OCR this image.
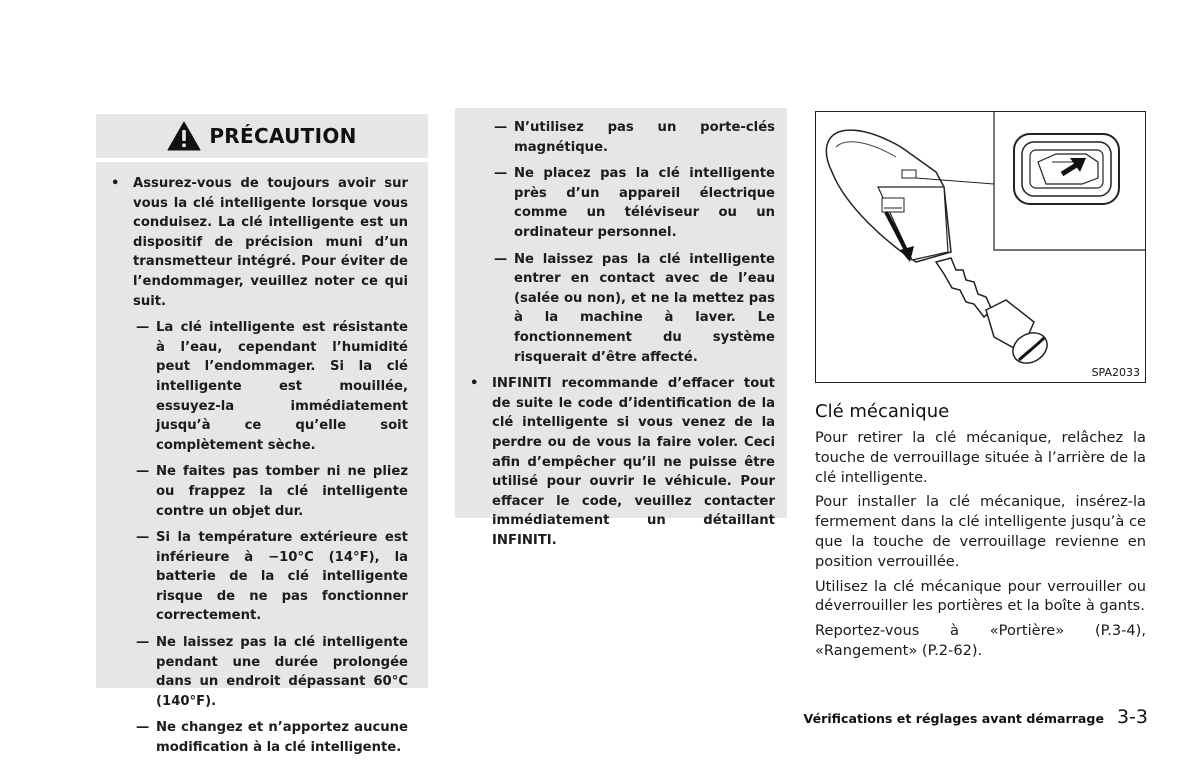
PRÉCAUTION

• Assurez-vous de toujours avoir sur vous la clé intelligente lorsque vous conduisez. La clé intelligente est un dispositif de précision muni d’un transmetteur intégré. Pour éviter de l’endommager, veuillez noter ce qui suit.

— La clé intelligente est résistante à l’eau, cependant l’humidité peut l’endommager. Si la clé intelligente est mouillée, essuyez-la immédiatement jusqu’à ce qu’elle soit complètement sèche.

— Ne faites pas tomber ni ne pliez ou frappez la clé intelligente contre un objet dur.

— Si la température extérieure est inférieure à −10°C (14°F), la batterie de la clé intelligente risque de ne pas fonctionner correctement.

— Ne laissez pas la clé intelligente pendant une durée prolongée dans un endroit dépassant 60°C (140°F).

— Ne changez et n’apportez aucune modification à la clé intelligente.

— N’utilisez pas un porte-clés magnétique.

— Ne placez pas la clé intelligente près d’un appareil électrique comme un téléviseur ou un ordinateur personnel.

— Ne laissez pas la clé intelligente entrer en contact avec de l’eau (salée ou non), et ne la mettez pas à la machine à laver. Le fonctionnement du système risquerait d’être affecté.

• INFINITI recommande d’effacer tout de suite le code d’identification de la clé intelligente si vous venez de la perdre ou de vous la faire voler. Ceci afin d’empêcher qu’il ne puisse être utilisé pour ouvrir le véhicule. Pour effacer le code, veuillez contacter immédiatement un détaillant INFINITI.

SPA2033
Clé mécanique

Pour retirer la clé mécanique, relâchez la touche de verrouillage située à l’arrière de la clé intelligente.

Pour installer la clé mécanique, insérez-la fermement dans la clé intelligente jusqu’à ce que la touche de verrouillage revienne en position verrouillée.

Utilisez la clé mécanique pour verrouiller ou déverrouiller les portières et la boîte à gants.

Reportez-vous à «Portière» (P.3-4), «Rangement» (P.2-62).

Vérifications et réglages avant démarrage 3-3
